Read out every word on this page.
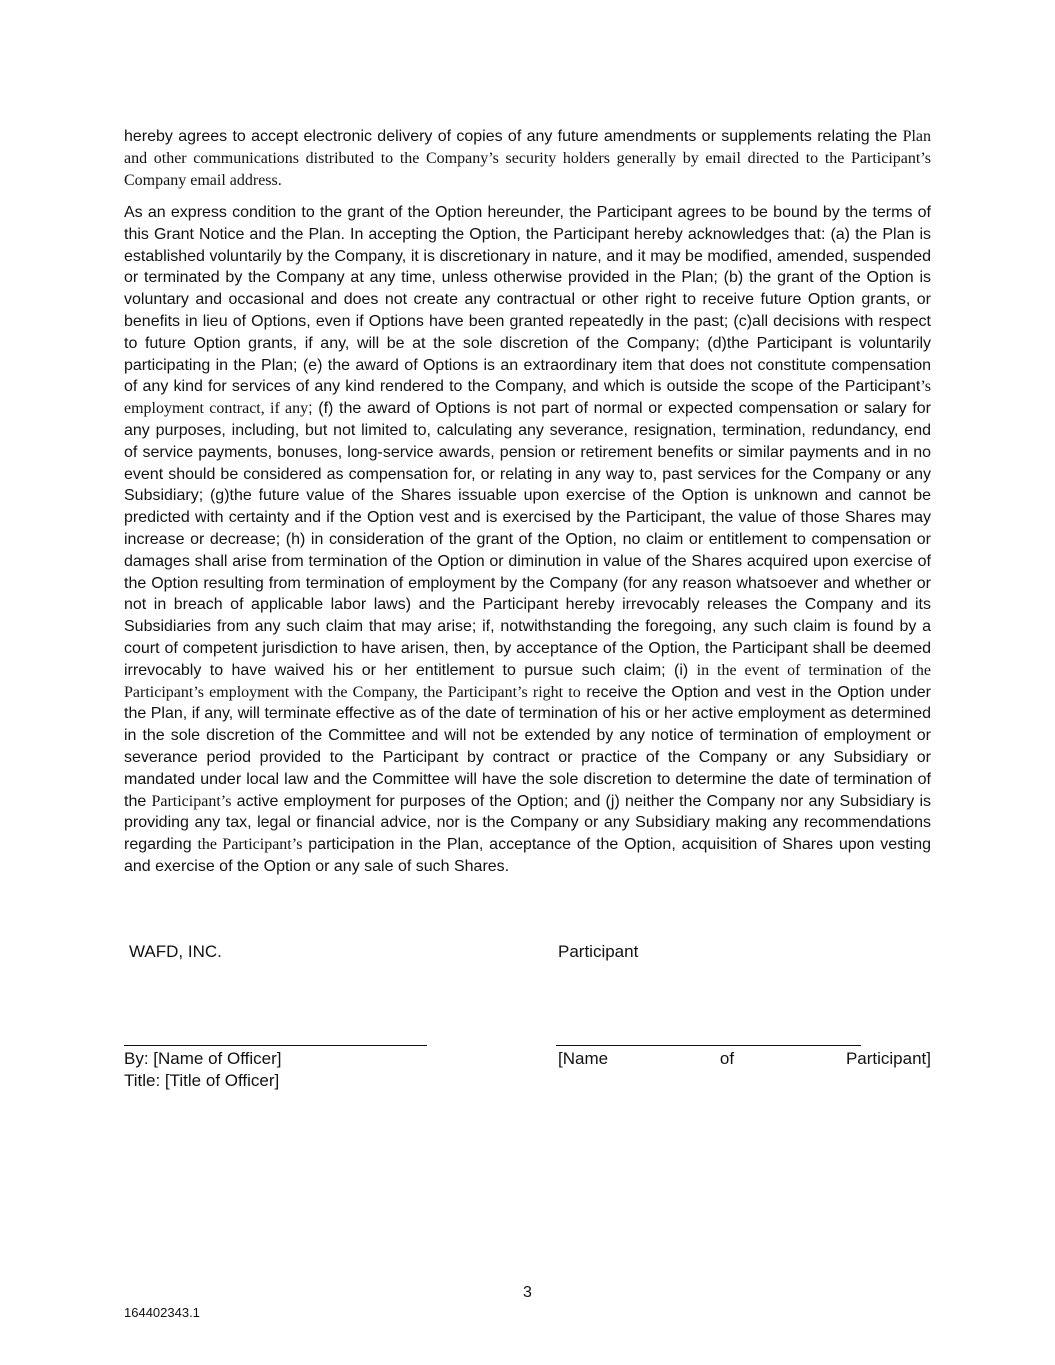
hereby agrees to accept electronic delivery of copies of any future amendments or supplements relating the Plan and other communications distributed to the Company’s security holders generally by email directed to the Participant’s Company email address.

As an express condition to the grant of the Option hereunder, the Participant agrees to be bound by the terms of this Grant Notice and the Plan. In accepting the Option, the Participant hereby acknowledges that: (a) the Plan is established voluntarily by the Company, it is discretionary in nature, and it may be modified, amended, suspended or terminated by the Company at any time, unless otherwise provided in the Plan; (b) the grant of the Option is voluntary and occasional and does not create any contractual or other right to receive future Option grants, or benefits in lieu of Options, even if Options have been granted repeatedly in the past; (c)all decisions with respect to future Option grants, if any, will be at the sole discretion of the Company; (d)the Participant is voluntarily participating in the Plan; (e) the award of Options is an extraordinary item that does not constitute compensation of any kind for services of any kind rendered to the Company, and which is outside the scope of the Participant’s employment contract, if any; (f) the award of Options is not part of normal or expected compensation or salary for any purposes, including, but not limited to, calculating any severance, resignation, termination, redundancy, end of service payments, bonuses, long-service awards, pension or retirement benefits or similar payments and in no event should be considered as compensation for, or relating in any way to, past services for the Company or any Subsidiary; (g)the future value of the Shares issuable upon exercise of the Option is unknown and cannot be predicted with certainty and if the Option vest and is exercised by the Participant, the value of those Shares may increase or decrease; (h) in consideration of the grant of the Option, no claim or entitlement to compensation or damages shall arise from termination of the Option or diminution in value of the Shares acquired upon exercise of the Option resulting from termination of employment by the Company (for any reason whatsoever and whether or not in breach of applicable labor laws) and the Participant hereby irrevocably releases the Company and its Subsidiaries from any such claim that may arise; if, notwithstanding the foregoing, any such claim is found by a court of competent jurisdiction to have arisen, then, by acceptance of the Option, the Participant shall be deemed irrevocably to have waived his or her entitlement to pursue such claim; (i) in the event of termination of the Participant’s employment with the Company, the Participant’s right to receive the Option and vest in the Option under the Plan, if any, will terminate effective as of the date of termination of his or her active employment as determined in the sole discretion of the Committee and will not be extended by any notice of termination of employment or severance period provided to the Participant by contract or practice of the Company or any Subsidiary or mandated under local law and the Committee will have the sole discretion to determine the date of termination of the Participant’s active employment for purposes of the Option; and (j) neither the Company nor any Subsidiary is providing any tax, legal or financial advice, nor is the Company or any Subsidiary making any recommendations regarding the Participant’s participation in the Plan, acceptance of the Option, acquisition of Shares upon vesting and exercise of the Option or any sale of such Shares.

WAFD, INC.	Participant
By: [Name of Officer]
Title: [Title of Officer]
[Name	of	Participant]
3
164402343.1
